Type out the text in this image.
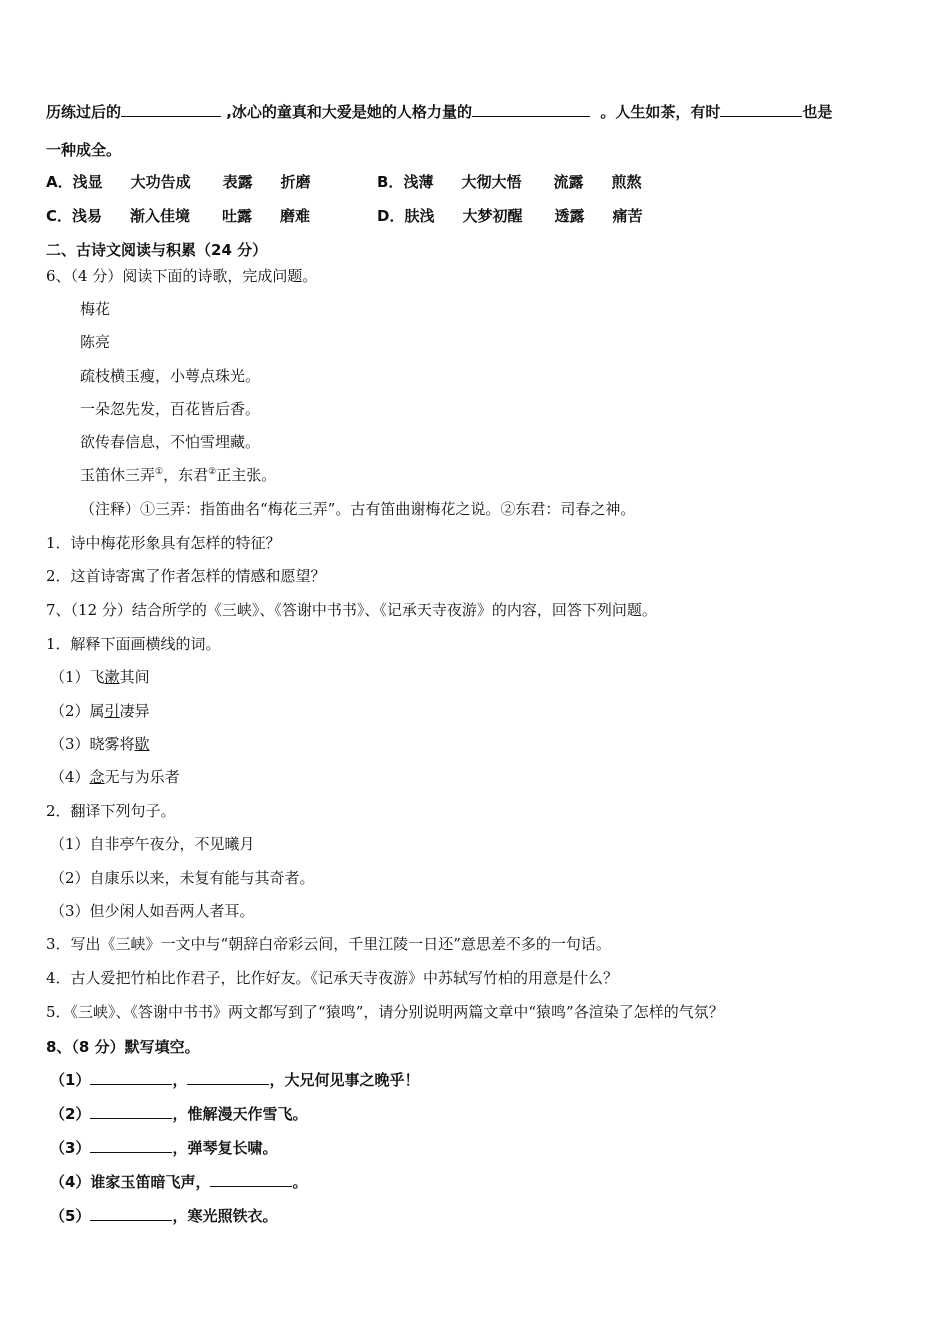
历练过后的	,冰心的童真和大爱是她的人格力量的	。人生如茶，有时	也是
一种成全。
A．浅显 大功告成 表露 折磨	B．浅薄 大彻大悟 流露 煎熬
C．浅易 渐入佳境 吐露 磨难	D．肤浅 大梦初醒 透露 痛苦
二、古诗文阅读与积累（24 分）
6、（4 分）阅读下面的诗歌，完成问题。
梅花
陈亮
疏枝横玉瘦，小萼点珠光。
一朵忽先发，百花皆后香。
欲传春信息，不怕雪埋藏。
玉笛休三弄①，东君②正主张。
（注释）①三弄：指笛曲名“梅花三弄”。古有笛曲谢梅花之说。②东君：司春之神。
1．诗中梅花形象具有怎样的特征？
2．这首诗寄寓了作者怎样的情感和愿望？
7、（12 分）结合所学的《三峡》、《答谢中书书》、《记承天寺夜游》的内容，回答下列问题。
1．解释下面画横线的词。
（1）飞漱其间
（2）属引凄异
（3）晓雾将歇
（4）念无与为乐者
2．翻译下列句子。
（1）自非亭午夜分，不见曦月
（2）自康乐以来，未复有能与其奇者。
（3）但少闲人如吾两人者耳。
3．写出《三峡》一文中与“朝辞白帝彩云间，千里江陵一日还”意思差不多的一句话。
4．古人爱把竹柏比作君子，比作好友。《记承天寺夜游》中苏轼写竹柏的用意是什么？
5．《三峡》、《答谢中书书》两文都写到了“猿鸣”，请分别说明两篇文章中“猿鸣”各渲染了怎样的气氛？
8、（8 分）默写填空。
（1）	，	，大兄何见事之晚乎！
（2）	，惟解漫天作雪飞。
（3）	，弹琴复长啸。
（4）谁家玉笛暗飞声，	。
（5）	，寒光照铁衣。
